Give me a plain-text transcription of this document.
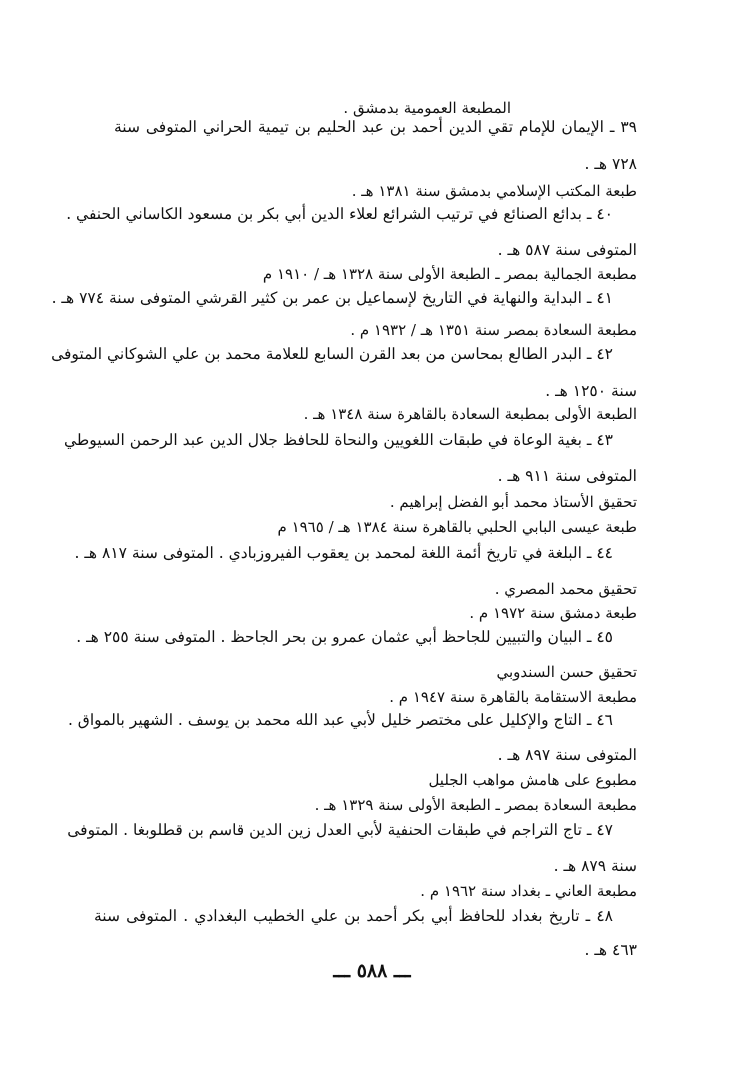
المطبعة العمومية بدمشق .
٣٩ ـ الإيمان للإمام تقي الدين أحمد بن عبد الحليم بن تيمية الحراني المتوفى سنة
٧٢٨ هـ .
طبعة المكتب الإسلامي بدمشق سنة ١٣٨١ هـ .
٤٠ ـ بدائع الصنائع في ترتيب الشرائع لعلاء الدين أبي بكر بن مسعود الكاساني الحنفي .
المتوفى سنة ٥٨٧ هـ .
مطبعة الجمالية بمصر ـ الطبعة الأولى سنة ١٣٢٨ هـ / ١٩١٠ م
٤١ ـ البداية والنهاية في التاريخ لإسماعيل بن عمر بن كثير القرشي المتوفى سنة ٧٧٤ هـ .
مطبعة السعادة بمصر سنة ١٣٥١ هـ / ١٩٣٢ م .
٤٢ ـ البدر الطالع بمحاسن من بعد القرن السابع للعلامة محمد بن علي الشوكاني المتوفى
سنة ١٢٥٠ هـ .
الطبعة الأولى بمطبعة السعادة بالقاهرة سنة ١٣٤٨ هـ .
٤٣ ـ بغية الوعاة في طبقات اللغويين والنحاة للحافظ جلال الدين عبد الرحمن السيوطي
المتوفى سنة ٩١١ هـ .
تحقيق الأستاذ محمد أبو الفضل إبراهيم .
طبعة عيسى البابي الحلبي بالقاهرة سنة ١٣٨٤ هـ / ١٩٦٥ م
٤٤ ـ البلغة في تاريخ أئمة اللغة لمحمد بن يعقوب الفيروزبادي . المتوفى سنة ٨١٧ هـ .
تحقيق محمد المصري .
طبعة دمشق سنة ١٩٧٢ م .
٤٥ ـ البيان والتبيين للجاحظ أبي عثمان عمرو بن بحر الجاحظ . المتوفى سنة ٢٥٥ هـ .
تحقيق حسن السندوبي
مطبعة الاستقامة بالقاهرة سنة ١٩٤٧ م .
٤٦ ـ التاج والإكليل على مختصر خليل لأبي عبد الله محمد بن يوسف . الشهير بالمواق .
المتوفى سنة ٨٩٧ هـ .
مطبوع على هامش مواهب الجليل
مطبعة السعادة بمصر ـ الطبعة الأولى سنة ١٣٢٩ هـ .
٤٧ ـ تاج التراجم في طبقات الحنفية لأبي العدل زين الدين قاسم بن قطلوبغا . المتوفى
سنة ٨٧٩ هـ .
مطبعة العاني ـ بغداد سنة ١٩٦٢ م .
٤٨ ـ تاريخ بغداد للحافظ أبي بكر أحمد بن علي الخطيب البغدادي . المتوفى سنة
٤٦٣ هـ .
ـــ ٥٨٨ ـــ
